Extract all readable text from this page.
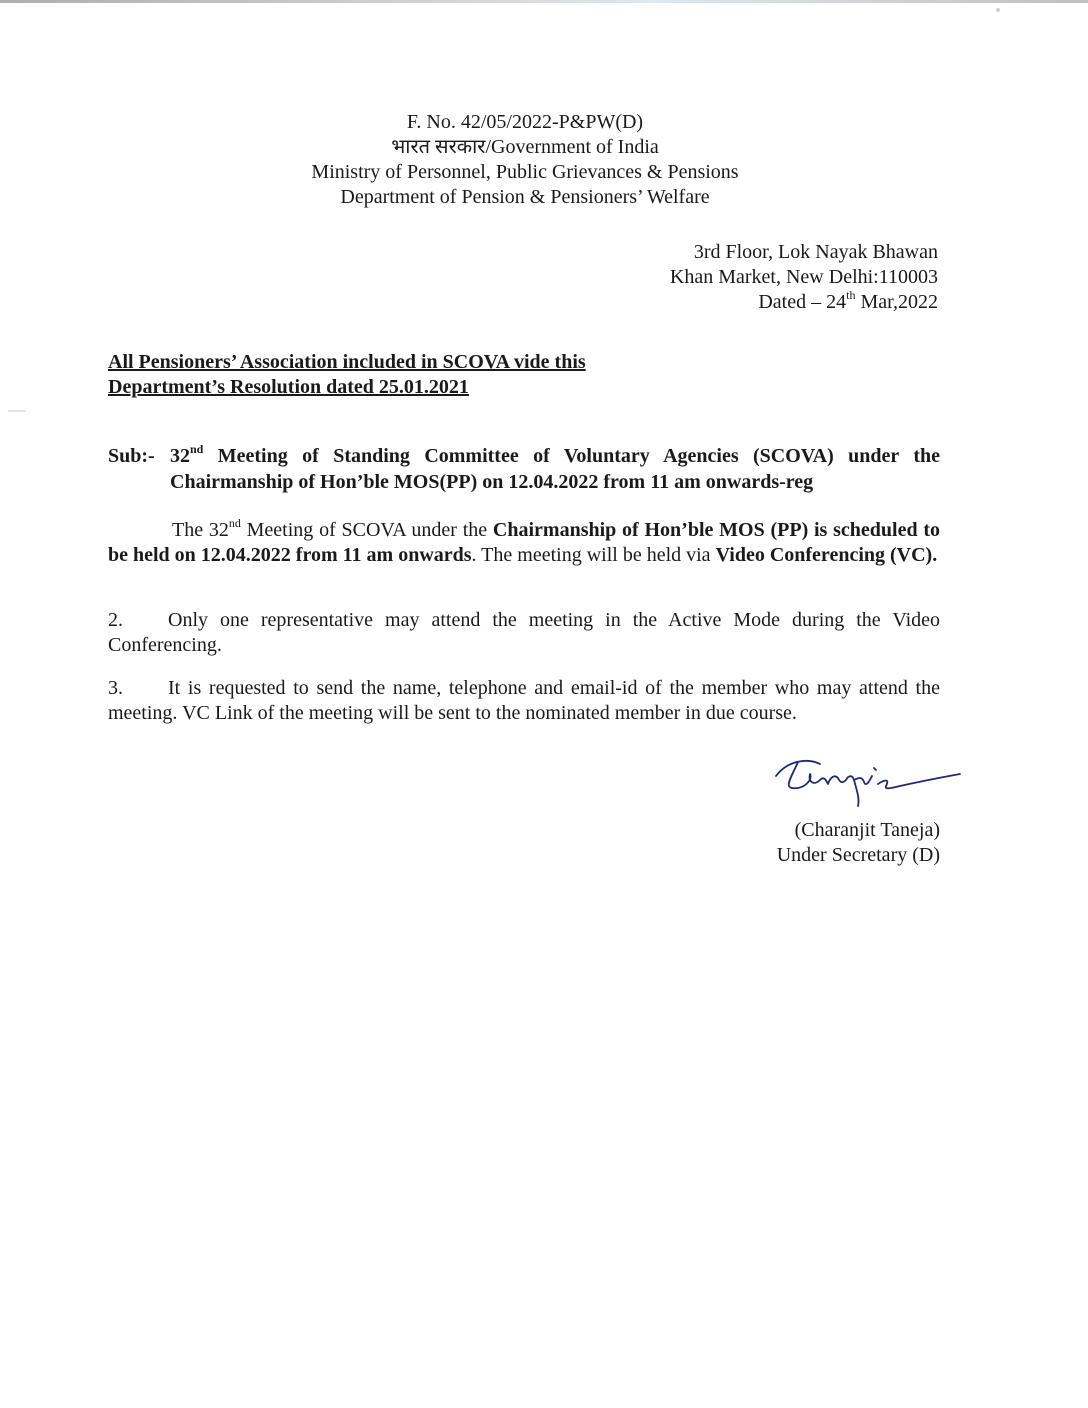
F. No. 42/05/2022-P&PW(D)
भारत सरकार/Government of India
Ministry of Personnel, Public Grievances & Pensions
Department of Pension & Pensioners’ Welfare
3rd Floor, Lok Nayak Bhawan
Khan Market, New Delhi:110003
Dated – 24th Mar,2022
All Pensioners’ Association included in SCOVA vide this
Department’s Resolution dated 25.01.2021
Sub:- 32nd Meeting of Standing Committee of Voluntary Agencies (SCOVA) under the
Chairmanship of Hon’ble MOS(PP) on 12.04.2022 from 11 am onwards-reg
The 32nd Meeting of SCOVA under the Chairmanship of Hon’ble MOS (PP) is scheduled to be held on 12.04.2022 from 11 am onwards. The meeting will be held via Video Conferencing (VC).
2. Only one representative may attend the meeting in the Active Mode during the Video Conferencing.
3. It is requested to send the name, telephone and email-id of the member who may attend the meeting. VC Link of the meeting will be sent to the nominated member in due course.
(Charanjit Taneja)
Under Secretary (D)
